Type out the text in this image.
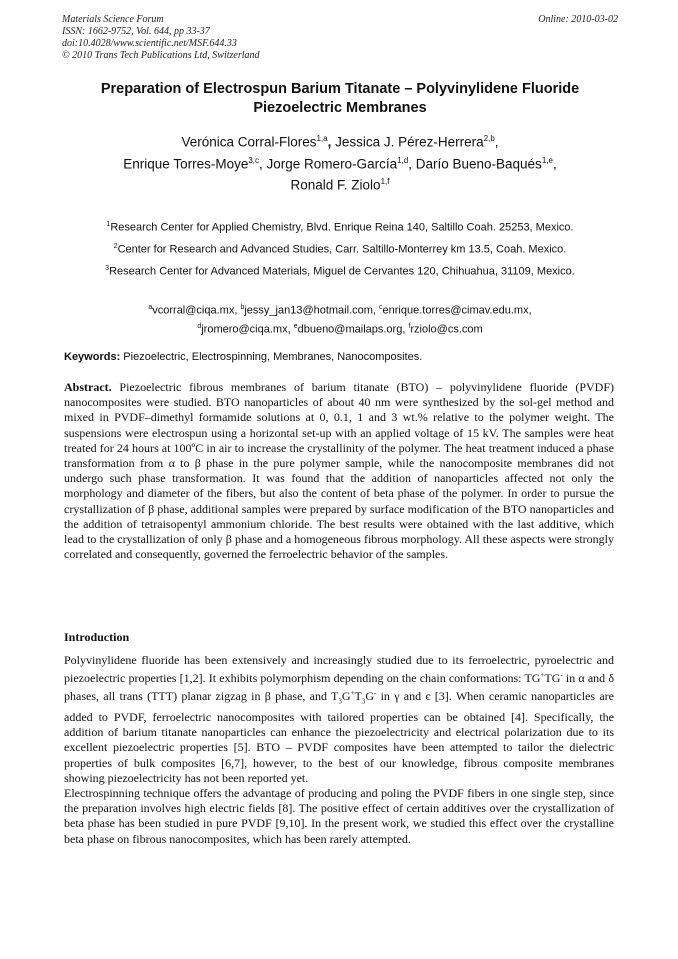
Materials Science Forum
ISSN: 1662-9752, Vol. 644, pp 33-37
doi:10.4028/www.scientific.net/MSF.644.33
© 2010 Trans Tech Publications Ltd, Switzerland
Online: 2010-03-02
Preparation of Electrospun Barium Titanate – Polyvinylidene Fluoride
Piezoelectric Membranes
Verónica Corral-Flores$^{1,a}$, Jessica J. Pérez-Herrera$^{2,b}$,
Enrique Torres-Moye$^{3,c}$, Jorge Romero-García$^{1,d}$, Darío Bueno-Baqués$^{1,e}$,
Ronald F. Ziolo$^{1,f}$
$^1$Research Center for Applied Chemistry, Blvd. Enrique Reina 140, Saltillo Coah. 25253, Mexico.
$^2$Center for Research and Advanced Studies, Carr. Saltillo-Monterrey km 13.5, Coah. Mexico.
$^3$Research Center for Advanced Materials, Miguel de Cervantes 120, Chihuahua, 31109, Mexico.
$^a$vcorral@ciqa.mx, $^b$jessy_jan13@hotmail.com, $^c$enrique.torres@cimav.edu.mx,
$^d$jromero@ciqa.mx, $^e$dbueno@mailaps.org, $^f$rziolo@cs.com
Keywords: Piezoelectric, Electrospinning, Membranes, Nanocomposites.
Abstract. Piezoelectric fibrous membranes of barium titanate (BTO) – polyvinylidene fluoride (PVDF) nanocomposites were studied. BTO nanoparticles of about 40 nm were synthesized by the sol-gel method and mixed in PVDF–dimethyl formamide solutions at 0, 0.1, 1 and 3 wt.% relative to the polymer weight. The suspensions were electrospun using a horizontal set-up with an applied voltage of 15 kV. The samples were heat treated for 24 hours at 100ºC in air to increase the crystallinity of the polymer. The heat treatment induced a phase transformation from α to β phase in the pure polymer sample, while the nanocomposite membranes did not undergo such phase transformation. It was found that the addition of nanoparticles affected not only the morphology and diameter of the fibers, but also the content of beta phase of the polymer. In order to pursue the crystallization of β phase, additional samples were prepared by surface modification of the BTO nanoparticles and the addition of tetraisopentyl ammonium chloride. The best results were obtained with the last additive, which lead to the crystallization of only β phase and a homogeneous fibrous morphology. All these aspects were strongly correlated and consequently, governed the ferroelectric behavior of the samples.
Introduction

Polyvinylidene fluoride has been extensively and increasingly studied due to its ferroelectric, pyroelectric and piezoelectric properties [1,2]. It exhibits polymorphism depending on the chain conformations: TG+TG- in α and δ phases, all trans (TTT) planar zigzag in β phase, and $T_3G^+T_3G^-$ in γ and є [3]. When ceramic nanoparticles are added to PVDF, ferroelectric nanocomposites with tailored properties can be obtained [4]. Specifically, the addition of barium titanate nanoparticles can enhance the piezoelectricity and electrical polarization due to its excellent piezoelectric properties [5]. BTO – PVDF composites have been attempted to tailor the dielectric properties of bulk composites [6,7], however, to the best of our knowledge, fibrous composite membranes showing piezoelectricity has not been reported yet.

Electrospinning technique offers the advantage of producing and poling the PVDF fibers in one single step, since the preparation involves high electric fields [8]. The positive effect of certain additives over the crystallization of beta phase has been studied in pure PVDF [9,10]. In the present work, we studied this effect over the crystalline beta phase on fibrous nanocomposites, which has been rarely attempted.
